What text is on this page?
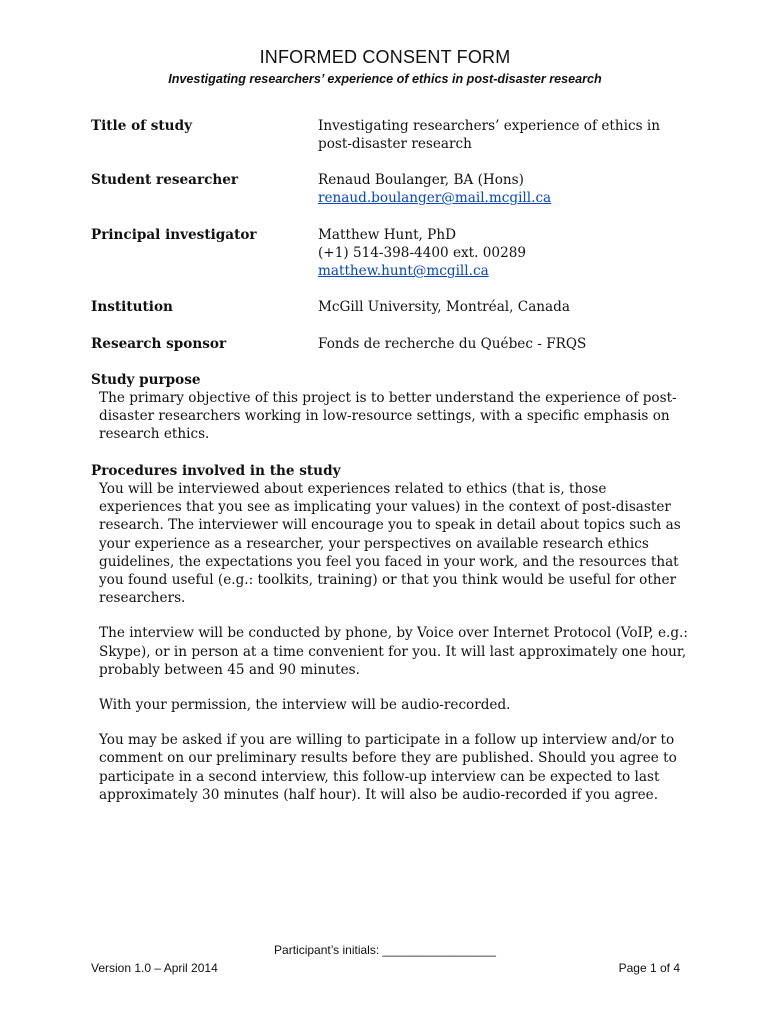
INFORMED CONSENT FORM
Investigating researchers’ experience of ethics in post-disaster research
Title of study	Investigating researchers’ experience of ethics in post-disaster research
Student researcher	Renaud Boulanger, BA (Hons)
renaud.boulanger@mail.mcgill.ca
Principal investigator	Matthew Hunt, PhD
(+1) 514-398-4400 ext. 00289
matthew.hunt@mcgill.ca
Institution	McGill University, Montréal, Canada
Research sponsor	Fonds de recherche du Québec - FRQS
Study purpose

The primary objective of this project is to better understand the experience of post-disaster researchers working in low-resource settings, with a specific emphasis on research ethics.

Procedures involved in the study

You will be interviewed about experiences related to ethics (that is, those experiences that you see as implicating your values) in the context of post-disaster research. The interviewer will encourage you to speak in detail about topics such as your experience as a researcher, your perspectives on available research ethics guidelines, the expectations you feel you faced in your work, and the resources that you found useful (e.g.: toolkits, training) or that you think would be useful for other researchers.

The interview will be conducted by phone, by Voice over Internet Protocol (VoIP, e.g.: Skype), or in person at a time convenient for you. It will last approximately one hour, probably between 45 and 90 minutes.

With your permission, the interview will be audio-recorded.

You may be asked if you are willing to participate in a follow up interview and/or to comment on our preliminary results before they are published. Should you agree to participate in a second interview, this follow-up interview can be expected to last approximately 30 minutes (half hour). It will also be audio-recorded if you agree.

Participant’s initials: _________________
Version 1.0 – April 2014	Page 1 of 4
